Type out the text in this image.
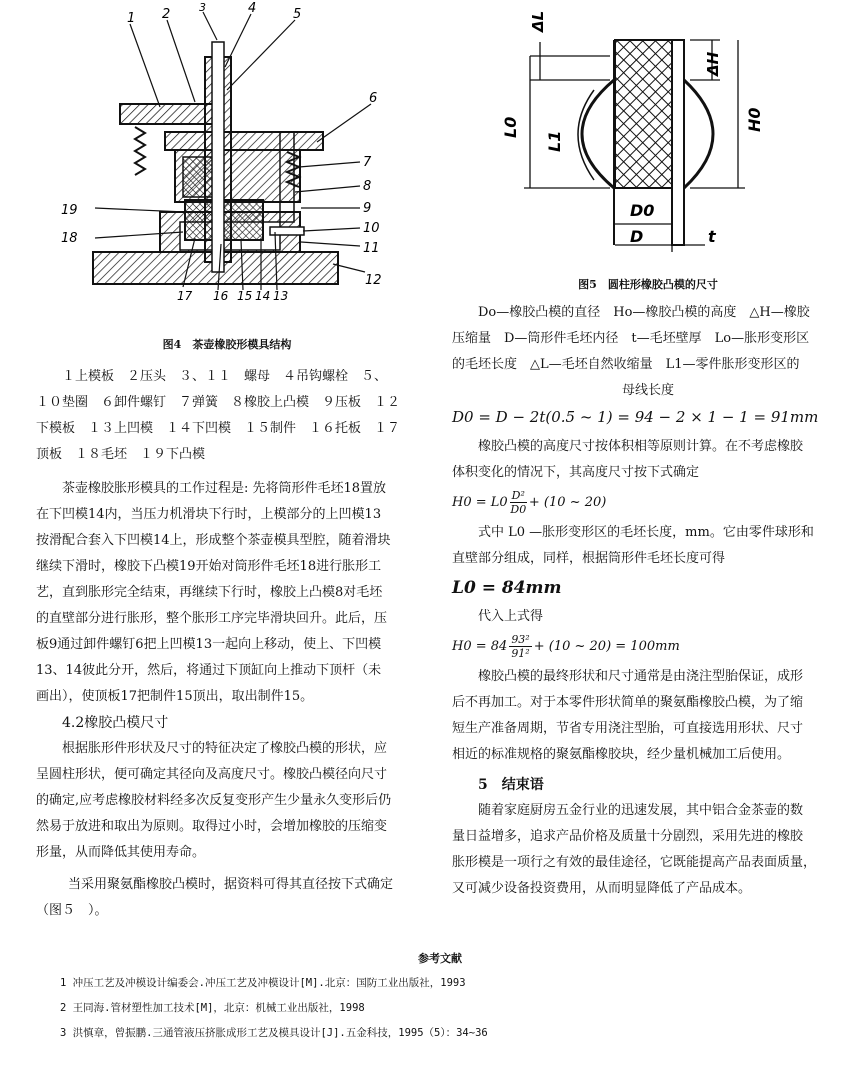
1 2	3	4	5
6
7
8
9
10
11
12
13
14
15
16
17
18
19
ΔL
ΔH
L0
L1
H0
D0
D	t

图4　茶壶橡胶形模具结构

１上模板　２压头　３、１１　螺母　４吊钩螺栓　５、

１０垫圈　６卸件螺钉　７弹簧　８橡胶上凸模　９压板　１２

下模板　１３上凹模　１４下凹模　１５制件　１６托板　１７

顶板　１８毛坯　１９下凸模

茶壶橡胶胀形模具的工作过程是: 先将筒形件毛坯18置放

在下凹模14内，当压力机滑块下行时，上模部分的上凹模13

按滑配合套入下凹模14上，形成整个茶壶模具型腔，随着滑块

继续下滑时，橡胶下凸模19开始对筒形件毛坯18进行胀形工

艺，直到胀形完全结束，再继续下行时，橡胶上凸模8对毛坯

的直壁部分进行胀形，整个胀形工序完毕滑块回升。此后，压

板9通过卸件螺钉6把上凹模13一起向上移动，使上、下凹模

13、14彼此分开，然后，将通过下顶缸向上推动下顶杆（未

画出），使顶板17把制件15顶出，取出制件15。

4.2橡胶凸模尺寸

根据胀形件形状及尺寸的特征决定了橡胶凸模的形状，应

呈圆柱形状，便可确定其径向及高度尺寸。橡胶凸模径向尺寸

的确定,应考虑橡胶材料经多次反复变形产生少量永久变形后仍

然易于放进和取出为原则。取得过小时，会增加橡胶的压缩变

形量，从而降低其使用寿命。

当采用聚氨酯橡胶凸模时，据资料可得其直径按下式确定

（图５　）。

图5　圆柱形橡胶凸模的尺寸

Do—橡胶凸模的直径　Ho—橡胶凸模的高度　△H—橡胶

压缩量　D—筒形件毛坯内径　t—毛坯壁厚　Lo—胀形变形区

的毛坯长度　△L—毛坯自然收缩量　L1—零件胀形变形区的

母线长度

D0 = D − 2t(0.5 ~ 1) = 94 − 2 × 1 − 1 = 91mm

橡胶凸模的高度尺寸按体积相等原则计算。在不考虑橡胶

体积变化的情况下，其高度尺寸按下式确定

$H0 = L0 \frac{\text{D²}}{D0} + (10$ ~ 20)

式中 L0 —胀形变形区的毛坯长度，mm。它由零件球形和

直壁部分组成，同样，根据筒形件毛坯长度可得

L0 = 84mm

代入上式得

$H0 = 84 \frac{\text{93²}}{\text{91²}} + (10$ ~ 20) = 100mm

橡胶凸模的最终形状和尺寸通常是由浇注型胎保证，成形

后不再加工。对于本零件形状简单的聚氨酯橡胶凸模，为了缩

短生产准备周期，节省专用浇注型胎，可直接选用形状、尺寸

相近的标准规格的聚氨酯橡胶块，经少量机械加工后使用。

5　结束语

随着家庭厨房五金行业的迅速发展，其中铝合金茶壶的数

量日益增多，追求产品价格及质量十分剧烈，采用先进的橡胶

胀形模是一项行之有效的最佳途径，它既能提高产品表面质量，

又可减少设备投资费用，从而明显降低了产品成本。

参考文献

1 冲压工艺及冲模设计编委会.冲压工艺及冲模设计[M].北京：国防工业出版社，1993

2 王同海.管材塑性加工技术[M]，北京：机械工业出版社，1998

3 洪慎章，曾振鹏.三通管液压挤胀成形工艺及模具设计[J].五金科技，1995（5）：34~36
